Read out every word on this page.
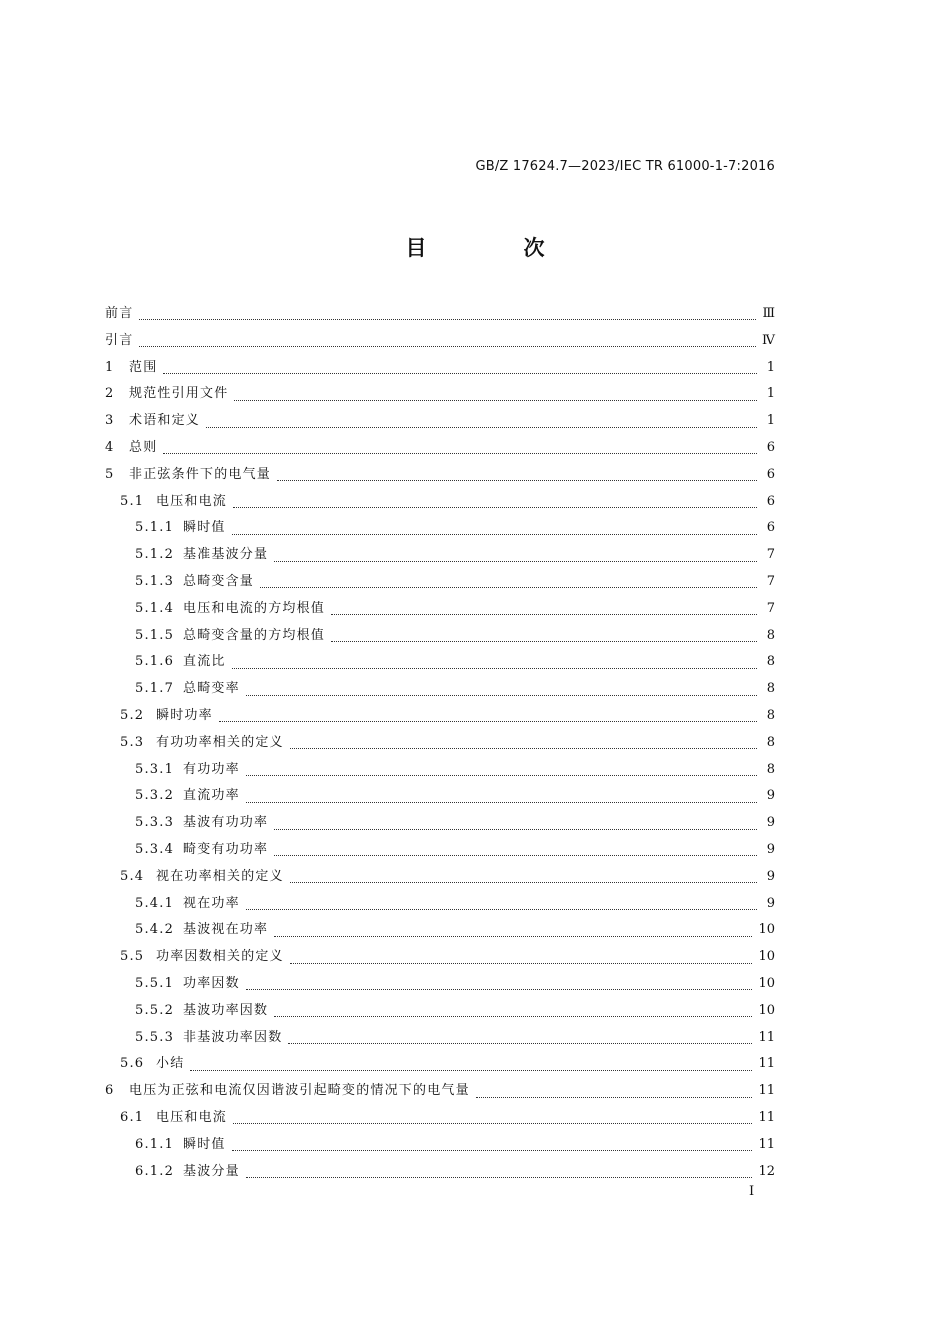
GB/Z 17624.7—2023/IEC TR 61000-1-7:2016
目　次
前言	Ⅲ
引言	Ⅳ
1	范围	1
2	规范性引用文件	1
3	术语和定义	1
4	总则	6
5	非正弦条件下的电气量	6
5.1 电压和电流	6
5.1.1 瞬时值	6
5.1.2 基准基波分量	7
5.1.3 总畸变含量	7
5.1.4 电压和电流的方均根值	7
5.1.5 总畸变含量的方均根值	8
5.1.6 直流比	8
5.1.7 总畸变率	8
5.2 瞬时功率	8
5.3 有功功率相关的定义	8
5.3.1 有功功率	8
5.3.2 直流功率	9
5.3.3 基波有功功率	9
5.3.4 畸变有功功率	9
5.4 视在功率相关的定义	9
5.4.1 视在功率	9
5.4.2 基波视在功率	10
5.5 功率因数相关的定义	10
5.5.1 功率因数	10
5.5.2 基波功率因数	10
5.5.3 非基波功率因数	11
5.6 小结	11
6	电压为正弦和电流仅因谐波引起畸变的情况下的电气量	11
6.1 电压和电流	11
6.1.1 瞬时值	11
6.1.2 基波分量	12
I
